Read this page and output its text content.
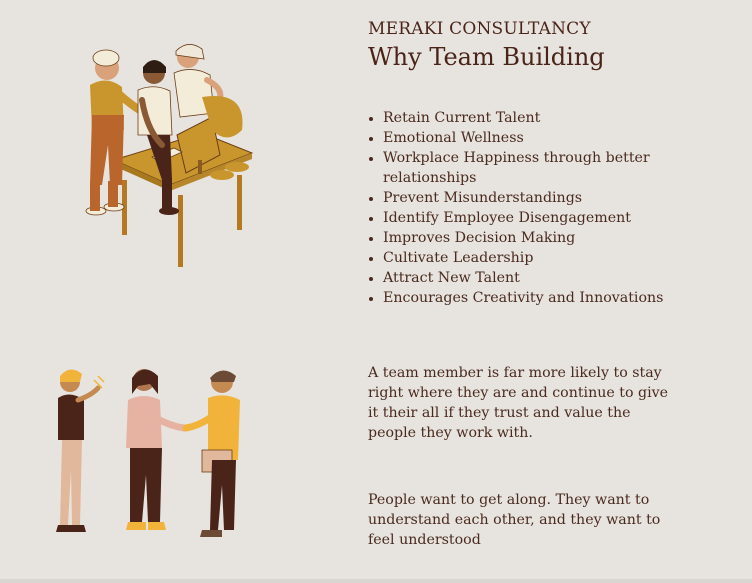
MERAKI CONSULTANCY
Why Team Building
• Retain Current Talent
• Emotional Wellness
• Workplace Happiness through better relationships
• Prevent Misunderstandings
• Identify Employee Disengagement
• Improves Decision Making
• Cultivate Leadership
• Attract New Talent
• Encourages Creativity and Innovations

A team member is far more likely to stay right where they are and continue to give it their all if they trust and value the people they work with.

People want to get along. They want to understand each other, and they want to feel understood
